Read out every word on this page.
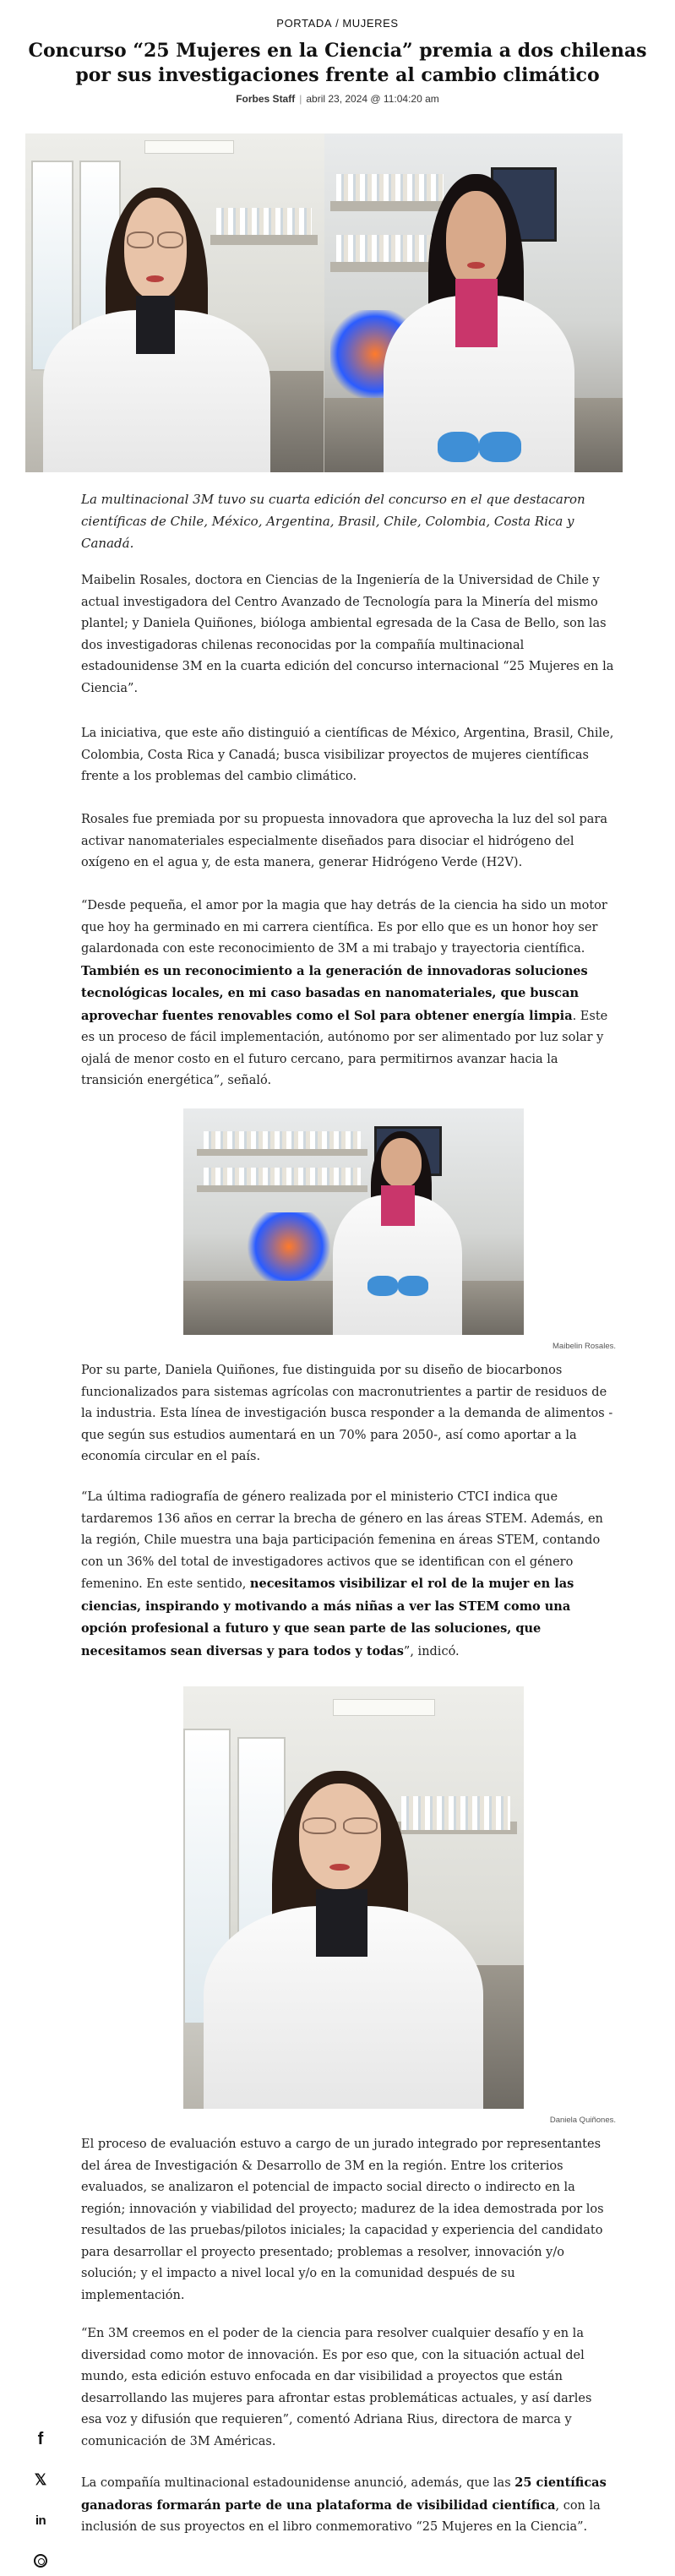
PORTADA / MUJERES
Concurso “25 Mujeres en la Ciencia” premia a dos chilenas por sus investigaciones frente al cambio climático
Forbes Staff | abril 23, 2024 @ 11:04:20 am

La multinacional 3M tuvo su cuarta edición del concurso en el que destacaron científicas de Chile, México, Argentina, Brasil, Chile, Colombia, Costa Rica y Canadá.

Maibelin Rosales, doctora en Ciencias de la Ingeniería de la Universidad de Chile y actual investigadora del Centro Avanzado de Tecnología para la Minería del mismo plantel; y Daniela Quiñones, bióloga ambiental egresada de la Casa de Bello, son las dos investigadoras chilenas reconocidas por la compañía multinacional estadounidense 3M en la cuarta edición del concurso internacional “25 Mujeres en la Ciencia”.

La iniciativa, que este año distinguió a científicas de México, Argentina, Brasil, Chile, Colombia, Costa Rica y Canadá; busca visibilizar proyectos de mujeres científicas frente a los problemas del cambio climático.

Rosales fue premiada por su propuesta innovadora que aprovecha la luz del sol para activar nanomateriales especialmente diseñados para disociar el hidrógeno del oxígeno en el agua y, de esta manera, generar Hidrógeno Verde (H2V).

“Desde pequeña, el amor por la magia que hay detrás de la ciencia ha sido un motor que hoy ha germinado en mi carrera científica. Es por ello que es un honor hoy ser galardonada con este reconocimiento de 3M a mi trabajo y trayectoria científica. También es un reconocimiento a la generación de innovadoras soluciones tecnológicas locales, en mi caso basadas en nanomateriales, que buscan aprovechar fuentes renovables como el Sol para obtener energía limpia. Este es un proceso de fácil implementación, autónomo por ser alimentado por luz solar y ojalá de menor costo en el futuro cercano, para permitirnos avanzar hacia la transición energética”, señaló.

Maibelin Rosales.

Por su parte, Daniela Quiñones, fue distinguida por su diseño de biocarbonos funcionalizados para sistemas agrícolas con macronutrientes a partir de residuos de la industria. Esta línea de investigación busca responder a la demanda de alimentos -que según sus estudios aumentará en un 70% para 2050-, así como aportar a la economía circular en el país.

“La última radiografía de género realizada por el ministerio CTCI indica que tardaremos 136 años en cerrar la brecha de género en las áreas STEM. Además, en la región, Chile muestra una baja participación femenina en áreas STEM, contando con un 36% del total de investigadores activos que se identifican con el género femenino. En este sentido, necesitamos visibilizar el rol de la mujer en las ciencias, inspirando y motivando a más niñas a ver las STEM como una opción profesional a futuro y que sean parte de las soluciones, que necesitamos sean diversas y para todos y todas”, indicó.

Daniela Quiñones.

El proceso de evaluación estuvo a cargo de un jurado integrado por representantes del área de Investigación & Desarrollo de 3M en la región. Entre los criterios evaluados, se analizaron el potencial de impacto social directo o indirecto en la región; innovación y viabilidad del proyecto; madurez de la idea demostrada por los resultados de las pruebas/pilotos iniciales; la capacidad y experiencia del candidato para desarrollar el proyecto presentado; problemas a resolver, innovación y/o solución; y el impacto a nivel local y/o en la comunidad después de su implementación.

“En 3M creemos en el poder de la ciencia para resolver cualquier desafío y en la diversidad como motor de innovación. Es por eso que, con la situación actual del mundo, esta edición estuvo enfocada en dar visibilidad a proyectos que están desarrollando las mujeres para afrontar estas problemáticas actuales, y así darles esa voz y difusión que requieren”, comentó Adriana Rius, directora de marca y comunicación de 3M Américas.

La compañía multinacional estadounidense anunció, además, que las 25 científicas ganadoras formarán parte de una plataforma de visibilidad científica, con la inclusión de sus proyectos en el libro conmemorativo “25 Mujeres en la Ciencia”.

f
𝕏
in
